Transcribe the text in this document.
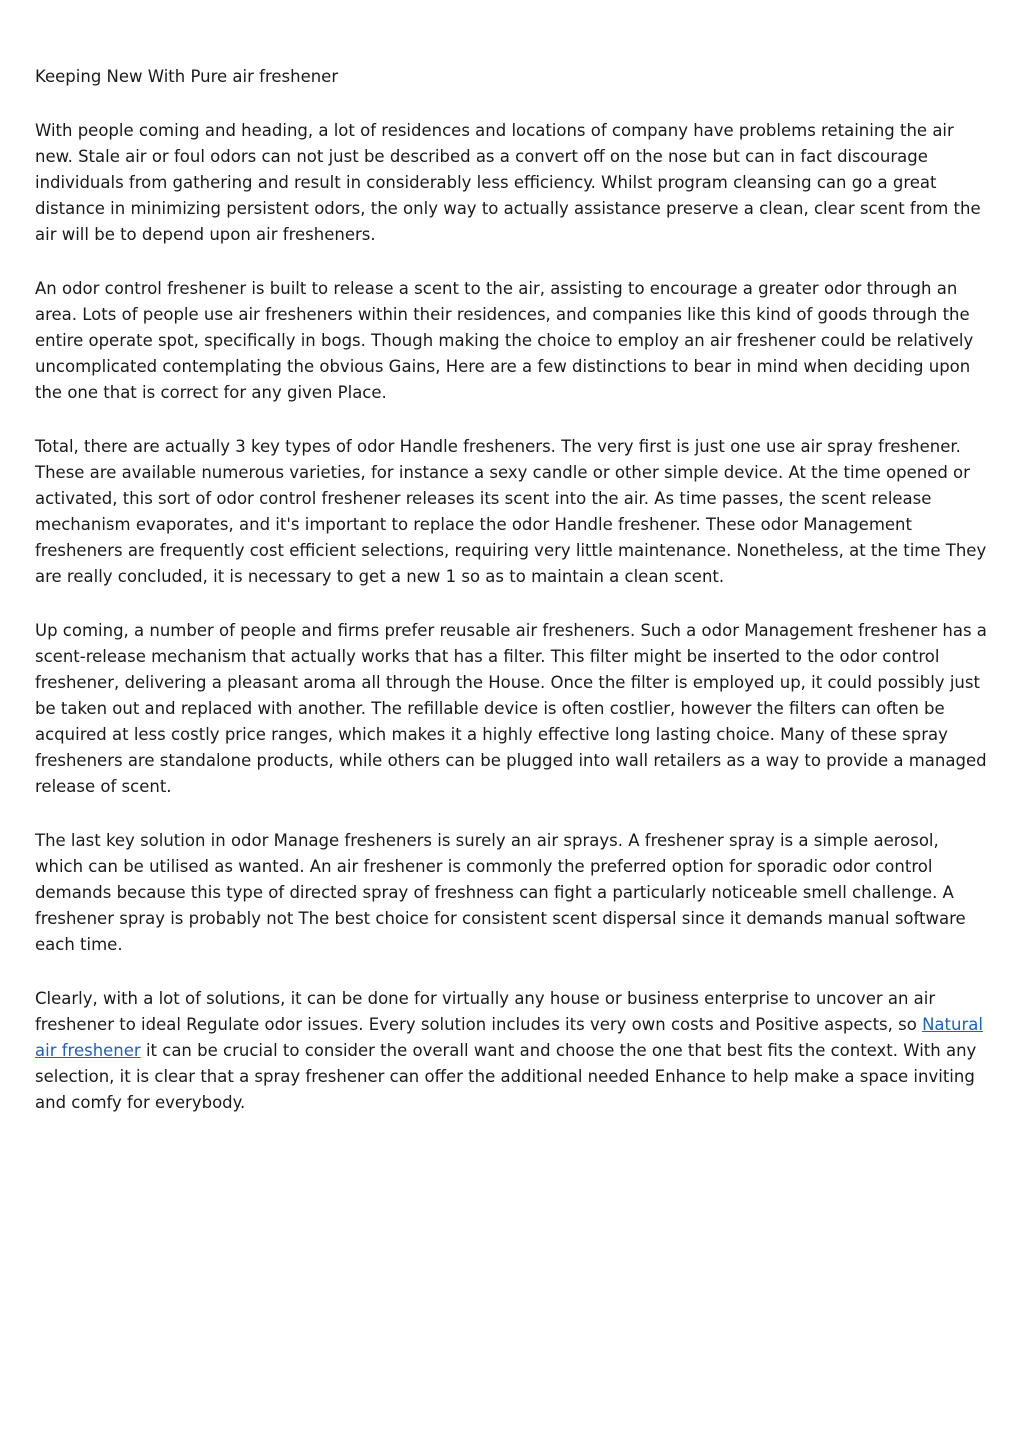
Keeping New With Pure air freshener

With people coming and heading, a lot of residences and locations of company have problems retaining the air new. Stale air or foul odors can not just be described as a convert off on the nose but can in fact discourage individuals from gathering and result in considerably less efficiency. Whilst program cleansing can go a great distance in minimizing persistent odors, the only way to actually assistance preserve a clean, clear scent from the air will be to depend upon air fresheners.

An odor control freshener is built to release a scent to the air, assisting to encourage a greater odor through an area. Lots of people use air fresheners within their residences, and companies like this kind of goods through the entire operate spot, specifically in bogs. Though making the choice to employ an air freshener could be relatively uncomplicated contemplating the obvious Gains, Here are a few distinctions to bear in mind when deciding upon the one that is correct for any given Place.

Total, there are actually 3 key types of odor Handle fresheners. The very first is just one use air spray freshener. These are available numerous varieties, for instance a sexy candle or other simple device. At the time opened or activated, this sort of odor control freshener releases its scent into the air. As time passes, the scent release mechanism evaporates, and it's important to replace the odor Handle freshener. These odor Management fresheners are frequently cost efficient selections, requiring very little maintenance. Nonetheless, at the time They are really concluded, it is necessary to get a new 1 so as to maintain a clean scent.

Up coming, a number of people and firms prefer reusable air fresheners. Such a odor Management freshener has a scent-release mechanism that actually works that has a filter. This filter might be inserted to the odor control freshener, delivering a pleasant aroma all through the House. Once the filter is employed up, it could possibly just be taken out and replaced with another. The refillable device is often costlier, however the filters can often be acquired at less costly price ranges, which makes it a highly effective long lasting choice. Many of these spray fresheners are standalone products, while others can be plugged into wall retailers as a way to provide a managed release of scent.

The last key solution in odor Manage fresheners is surely an air sprays. A freshener spray is a simple aerosol, which can be utilised as wanted. An air freshener is commonly the preferred option for sporadic odor control demands because this type of directed spray of freshness can fight a particularly noticeable smell challenge. A freshener spray is probably not The best choice for consistent scent dispersal since it demands manual software each time.

Clearly, with a lot of solutions, it can be done for virtually any house or business enterprise to uncover an air freshener to ideal Regulate odor issues. Every solution includes its very own costs and Positive aspects, so Natural air freshener it can be crucial to consider the overall want and choose the one that best fits the context. With any selection, it is clear that a spray freshener can offer the additional needed Enhance to help make a space inviting and comfy for everybody.
